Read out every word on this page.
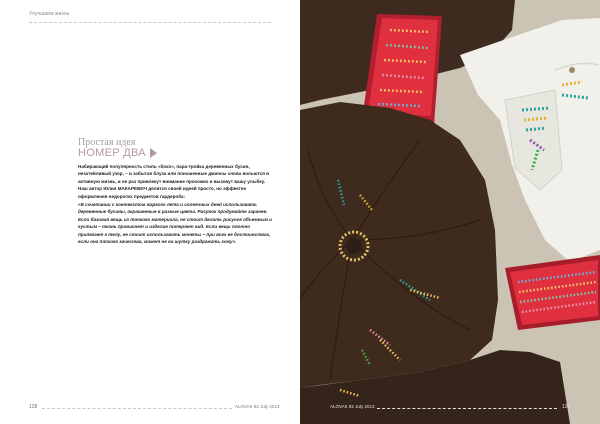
Улучшаем жизнь
Простая идея
НОМЕР ДВА

Набирающий популярность стиль «бохо», пара-тройка деревянных бусин, незатейливый узор, – и забытая блуза или поношенные джинсы снова вольются в активную жизнь, и не раз привлекут внимание прохожих и вызовут вашу улыбку. Наш автор Юлия МАКАРЕВИЧ делится своей идеей просто, но эффектно оформления недорогих предметов гардероба:

«В сочетании с контекстом жаркого лета и солнечных дней использовать деревянные бусины, окрашенные в разные цвета. Рисунок продумайте заранее. Если базовая вещь из тонкого материала, не стоит делать рисунок объемным и густым – ткань провиснет и изделие потеряет вид. Если вещь плотно прилегает к телу, не стоит использовать монеты – при всех ее достоинствах, если она плохого качества, может не на шутку раздражать кожу».

128	ALOVAK 82 July 2013	ALOVAK 82 July 2013	129
